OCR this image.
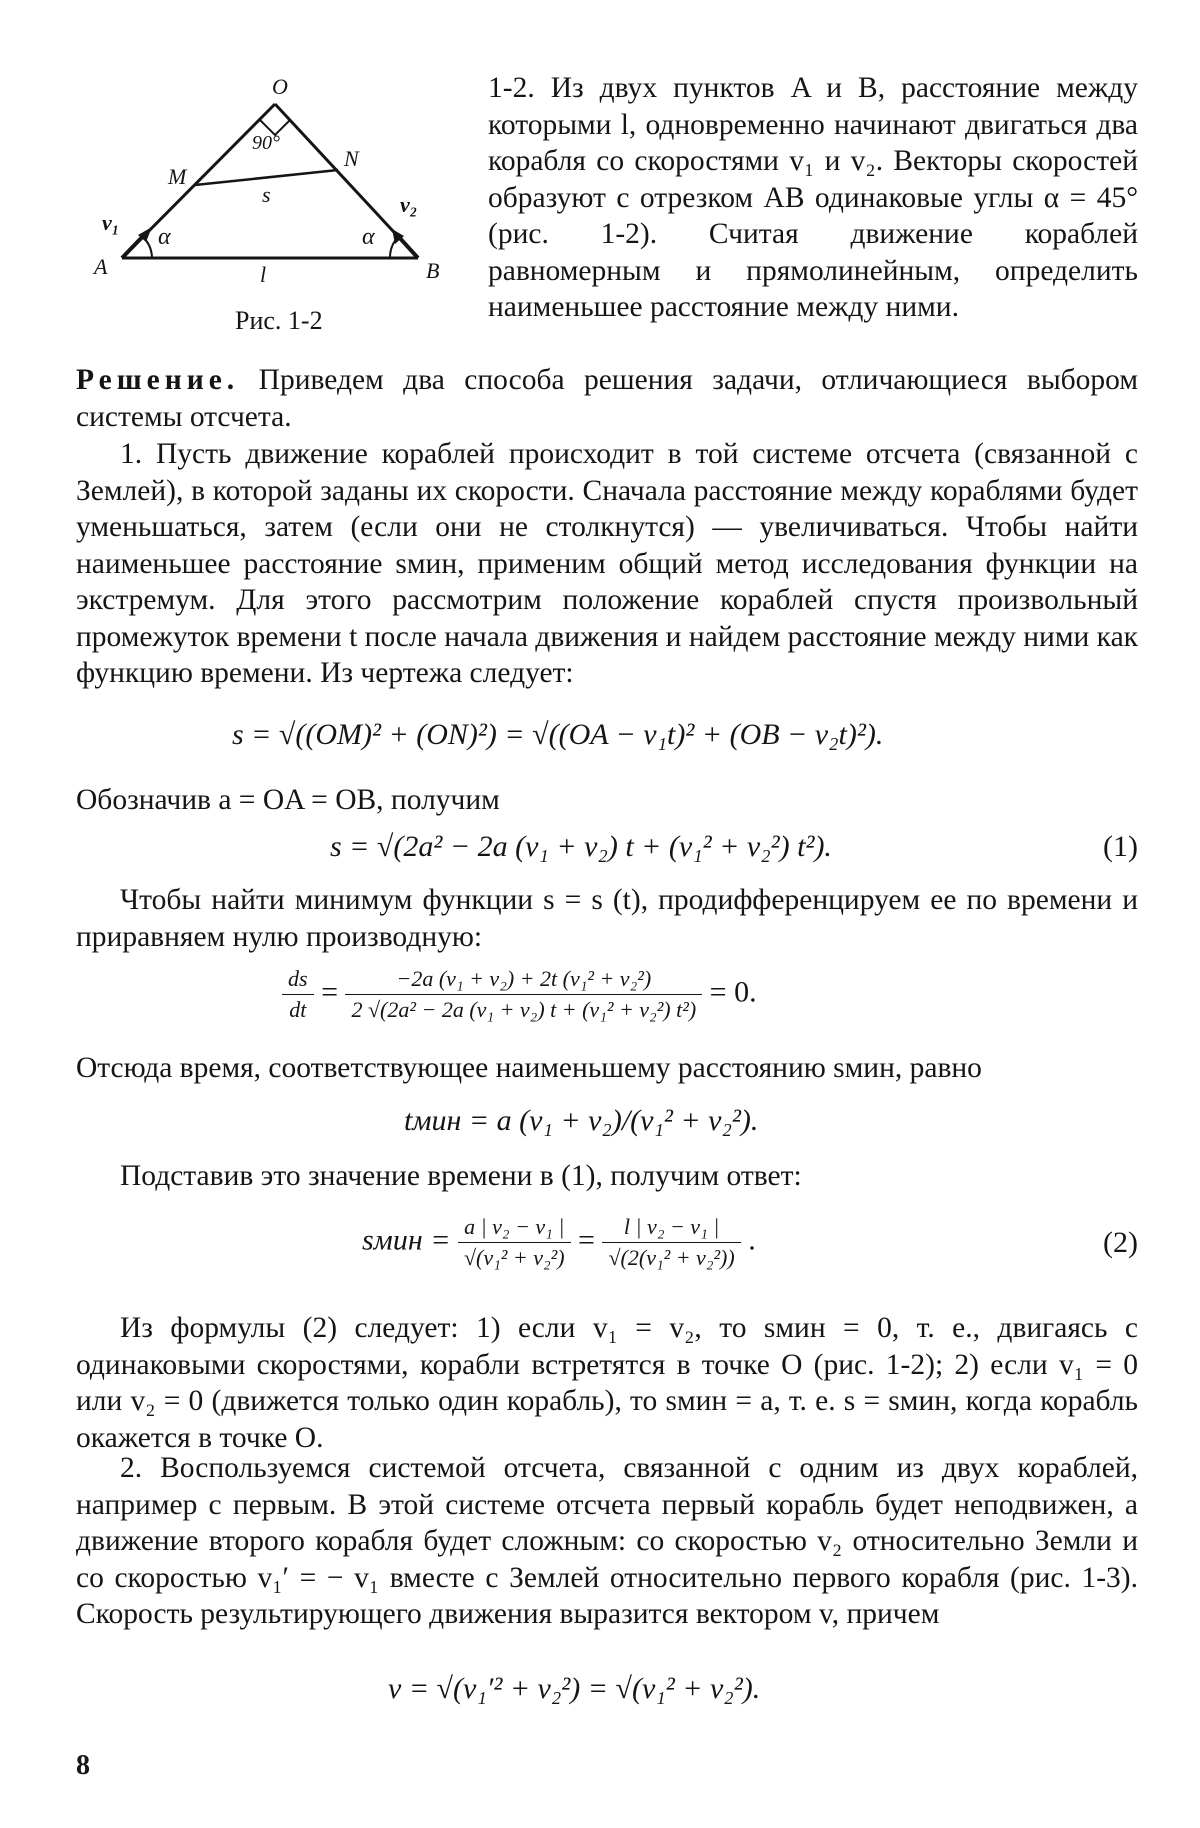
O
M
N
A	B
s
l
90°
α	α
v₁
v₂
Рис. 1-2
1-2. Из двух пунктов A и B, расстояние между которыми l, одновременно начинают двигаться два корабля со скоростями v₁ и v₂. Векторы скоростей образуют с отрезком AB одинаковые углы α = 45° (рис. 1-2). Считая движение кораблей равномерным и прямолинейным, определить наименьшее расстояние между ними.
Решение. Приведем два способа решения задачи, отличающиеся выбором системы отсчета.
1. Пусть движение кораблей происходит в той системе отсчета (связанной с Землей), в которой заданы их скорости. Сначала расстояние между кораблями будет уменьшаться, затем (если они не столкнутся) — увеличиваться. Чтобы найти наименьшее расстояние sмин, применим общий метод исследования функции на экстремум. Для этого рассмотрим положение кораблей спустя произвольный промежуток времени t после начала движения и найдем расстояние между ними как функцию времени. Из чертежа следует:
s = √((OM)² + (ON)²) = √((OA − v₁t)² + (OB − v₂t)²).
Обозначив a = OA = OB, получим
s = √(2a² − 2a (v₁ + v₂) t + (v₁² + v₂²) t²).	(1)
Чтобы найти минимум функции s = s (t), продифференцируем ее по времени и приравняем нулю производную:
$\frac{ds}{dt} = \frac{\text{−2a (v₁ + v₂) + 2t (v₁² + v₂²)}}{\text{2 √(2a² − 2a (v₁ + v₂) t + (v₁² + v₂²) t²)}} = 0$.
Отсюда время, соответствующее наименьшему расстоянию sмин, равно
tмин = a (v₁ + v₂)/(v₁² + v₂²).
Подставив это значение времени в (1), получим ответ:
sмин = $\frac{\text{a | v₂ − v₁ |}}{\text{√(v₁² + v₂²)}} = \frac{\text{l | v₂ − v₁ |}}{\text{√(2(v₁² + v₂²))}}$ .	(2)
Из формулы (2) следует: 1) если v₁ = v₂, то sмин = 0, т. е., двигаясь с одинаковыми скоростями, корабли встретятся в точке O (рис. 1-2); 2) если v₁ = 0 или v₂ = 0 (движется только один корабль), то sмин = a, т. е. s = sмин, когда корабль окажется в точке O.
2. Воспользуемся системой отсчета, связанной с одним из двух кораблей, например с первым. В этой системе отсчета первый корабль будет неподвижен, а движение второго корабля будет сложным: со скоростью v₂ относительно Земли и со скоростью v₁′ = − v₁ вместе с Землей относительно первого корабля (рис. 1-3). Скорость результирующего движения выразится вектором v, причем
v = √(v₁′² + v₂²) = √(v₁² + v₂²).
8
